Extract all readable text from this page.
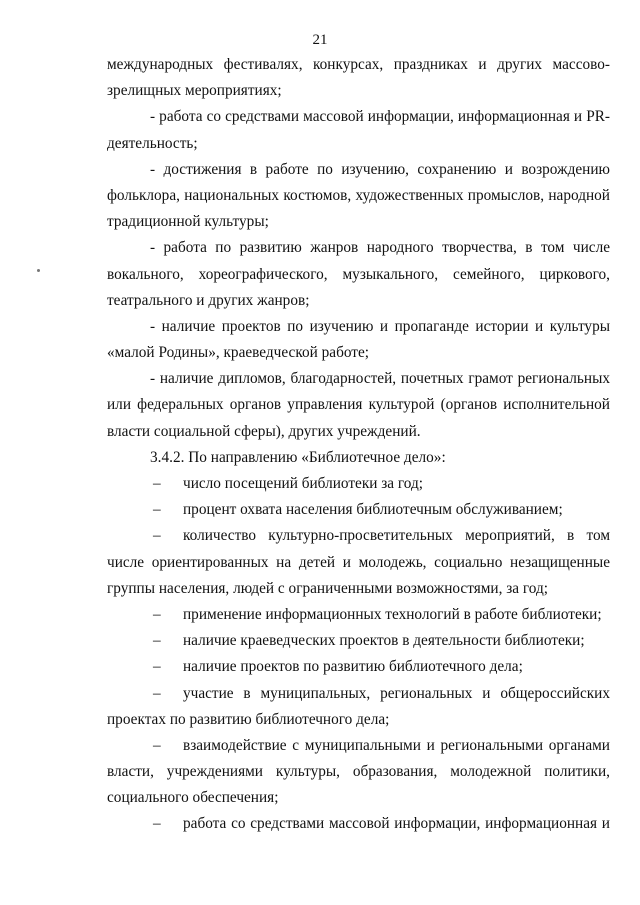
21
международных фестивалях, конкурсах, праздниках и других массово-
зрелищных мероприятиях;
- работа со средствами массовой информации, информационная и PR-
деятельность;
- достижения в работе по изучению, сохранению и возрождению
фольклора, национальных костюмов, художественных промыслов, народной
традиционной культуры;
- работа по развитию жанров народного творчества, в том числе
вокального, хореографического, музыкального, семейного, циркового,
театрального и других жанров;
- наличие проектов по изучению и пропаганде истории и культуры
«малой Родины», краеведческой работе;
- наличие дипломов, благодарностей, почетных грамот региональных
или федеральных органов управления культурой (органов исполнительной
власти социальной сферы), других учреждений.
3.4.2. По направлению «Библиотечное дело»:
–	число посещений библиотеки за год;
–	процент охвата населения библиотечным обслуживанием;
–	количество культурно-просветительных мероприятий, в том
числе ориентированных на детей и молодежь, социально незащищенные
группы населения, людей с ограниченными возможностями, за год;
–	применение информационных технологий в работе библиотеки;
–	наличие краеведческих проектов в деятельности библиотеки;
–	наличие проектов по развитию библиотечного дела;
–	участие в муниципальных, региональных и общероссийских
проектах по развитию библиотечного дела;
–	взаимодействие с муниципальными и региональными органами
власти, учреждениями культуры, образования, молодежной политики,
социального обеспечения;
–	работа со средствами массовой информации, информационная и
